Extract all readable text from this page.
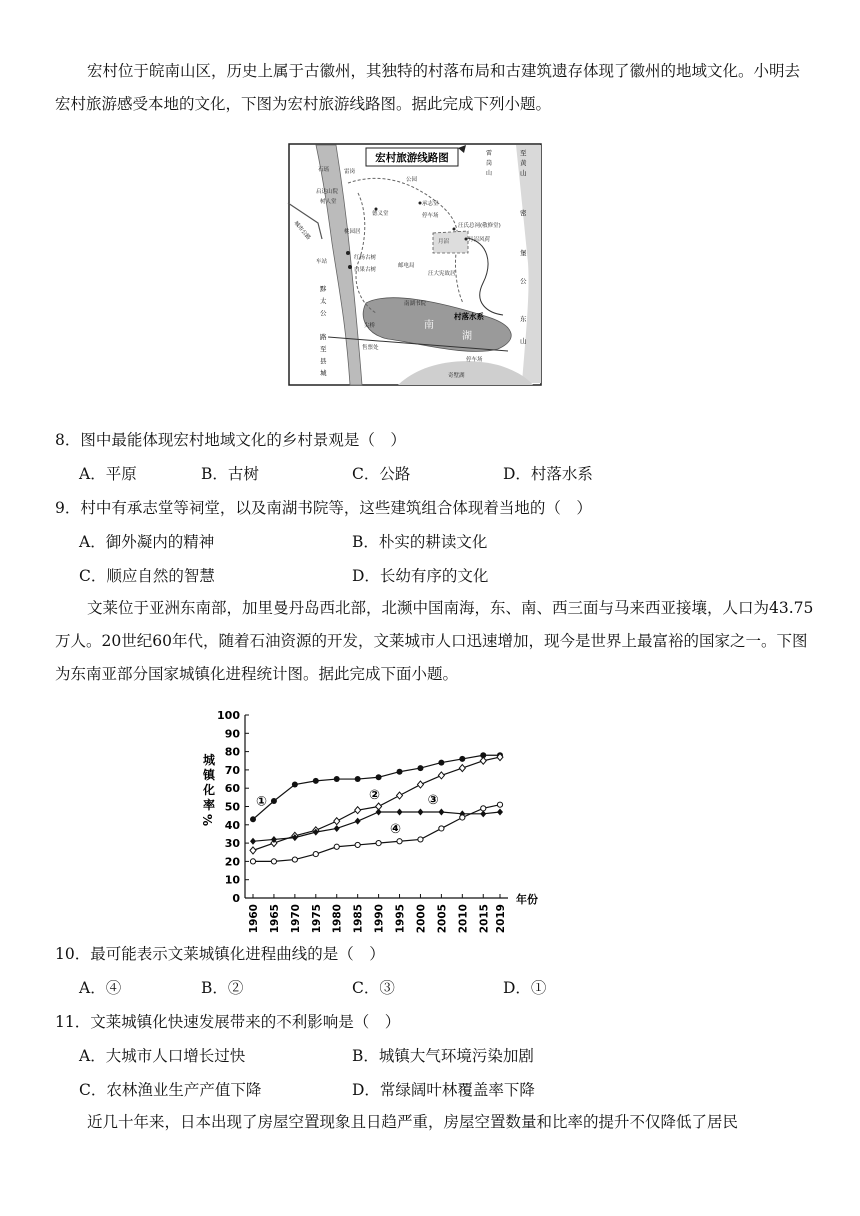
宏村位于皖南山区，历史上属于古徽州，其独特的村落布局和古建筑遗存体现了徽州的地域文化。小明去宏村旅游感受本地的文化，下图为宏村旅游线路图。据此完成下列小题。
宏村旅游线路图
石瑶	雷岗
启达山院
树人堂
公园
德义堂
承志堂
停车场
汪氏总祠(敬修堂)
月沼	月沼风荷
桃园居
红杨古树
白果古树
邮电局
汪大宪故居
南湖书院
车站
尖桥
售票处
停车场
奇墅湖
村落水系
南
湖
黟
太
公
路
至
县
城
至
黄
山
密
堡
公
东
山
雷
岗
山
城市公路
8．图中最能体现宏村地域文化的乡村景观是（　）
A．平原	B．古树	C．公路	D．村落水系
9．村中有承志堂等祠堂，以及南湖书院等，这些建筑组合体现着当地的（　）
A．御外凝内的精神	B．朴实的耕读文化
C．顺应自然的智慧	D．长幼有序的文化
文莱位于亚洲东南部，加里曼丹岛西北部，北濒中国南海，东、南、西三面与马来西亚接壤，人口为43.75万人。20世纪60年代，随着石油资源的开发，文莱城市人口迅速增加，现今是世界上最富裕的国家之一。下图为东南亚部分国家城镇化进程统计图。据此完成下面小题。
0
10
20
30
40
50
60
70
80
90
100
1960 1965 1970 1975 1980 1985 1990 1995 2000 2005 2010 2015 2019
年份
城
镇
化
率
%
①	②	③
④
10．最可能表示文莱城镇化进程曲线的是（　）
A．④	B．②	C．③	D．①
11．文莱城镇化快速发展带来的不利影响是（　）
A．大城市人口增长过快	B．城镇大气环境污染加剧
C．农林渔业生产产值下降	D．常绿阔叶林覆盖率下降
近几十年来，日本出现了房屋空置现象且日趋严重，房屋空置数量和比率的提升不仅降低了居民
